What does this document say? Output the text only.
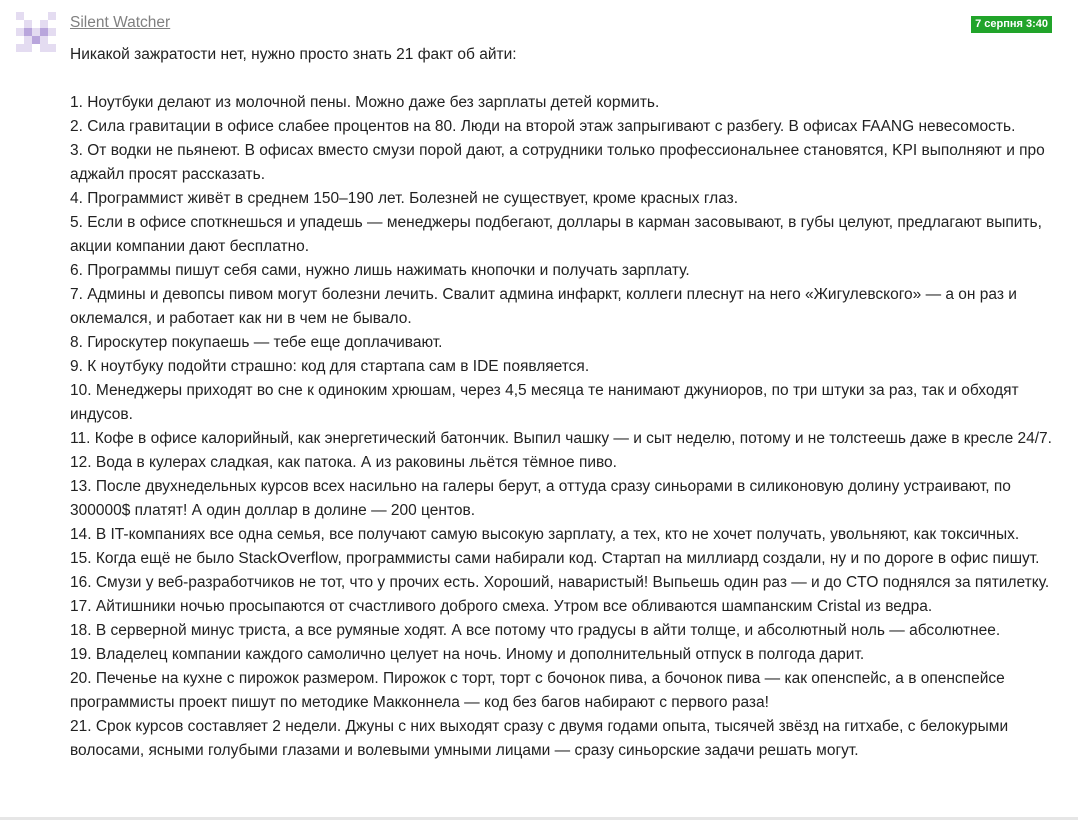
Silent Watcher	7 серпня 3:40

Никакой зажратости нет, нужно просто знать 21 факт об айти:

1. Ноутбуки делают из молочной пены. Можно даже без зарплаты детей кормить.
2. Сила гравитации в офисе слабее процентов на 80. Люди на второй этаж запрыгивают с разбегу. В офисах FAANG невесомость.
3. От водки не пьянеют. В офисах вместо смузи порой дают, а сотрудники только профессиональнее становятся, KPI выполняют и про аджайл просят рассказать.
4. Программист живёт в среднем 150–190 лет. Болезней не существует, кроме красных глаз.
5. Если в офисе споткнешься и упадешь — менеджеры подбегают, доллары в карман засовывают, в губы целуют, предлагают выпить, акции компании дают бесплатно.
6. Программы пишут себя сами, нужно лишь нажимать кнопочки и получать зарплату.
7. Админы и девопсы пивом могут болезни лечить. Свалит админа инфаркт, коллеги плеснут на него «Жигулевского» — а он раз и оклемался, и работает как ни в чем не бывало.
8. Гироскутер покупаешь — тебе еще доплачивают.
9. К ноутбуку подойти страшно: код для стартапа сам в IDE появляется.
10. Менеджеры приходят во сне к одиноким хрюшам, через 4,5 месяца те нанимают джуниоров, по три штуки за раз, так и обходят индусов.
11. Кофе в офисе калорийный, как энергетический батончик. Выпил чашку — и сыт неделю, потому и не толстеешь даже в кресле 24/7.
12. Вода в кулерах сладкая, как патока. А из раковины льётся тёмное пиво.
13. После двухнедельных курсов всех насильно на галеры берут, а оттуда сразу синьорами в силиконовую долину устраивают, по 300000$ платят! А один доллар в долине — 200 центов.
14. В IT-компаниях все одна семья, все получают самую высокую зарплату, а тех, кто не хочет получать, увольняют, как токсичных.
15. Когда ещё не было StackOverflow, программисты сами набирали код. Стартап на миллиард создали, ну и по дороге в офис пишут.
16. Смузи у веб-разработчиков не тот, что у прочих есть. Хороший, наваристый! Выпьешь один раз — и до CTO поднялся за пятилетку.
17. Айтишники ночью просыпаются от счастливого доброго смеха. Утром все обливаются шампанским Cristal из ведра.
18. В серверной минус триста, а все румяные ходят. А все потому что градусы в айти толще, и абсолютный ноль — абсолютнее.
19. Владелец компании каждого самолично целует на ночь. Иному и дополнительный отпуск в полгода дарит.
20. Печенье на кухне с пирожок размером. Пирожок с торт, торт с бочонок пива, а бочонок пива — как опенспейс, а в опенспейсе программисты проект пишут по методике Макконнела — код без багов набирают с первого раза!
21. Срок курсов составляет 2 недели. Джуны с них выходят сразу с двумя годами опыта, тысячей звёзд на гитхабе, с белокурыми волосами, ясными голубыми глазами и волевыми умными лицами — сразу синьорские задачи решать могут.
